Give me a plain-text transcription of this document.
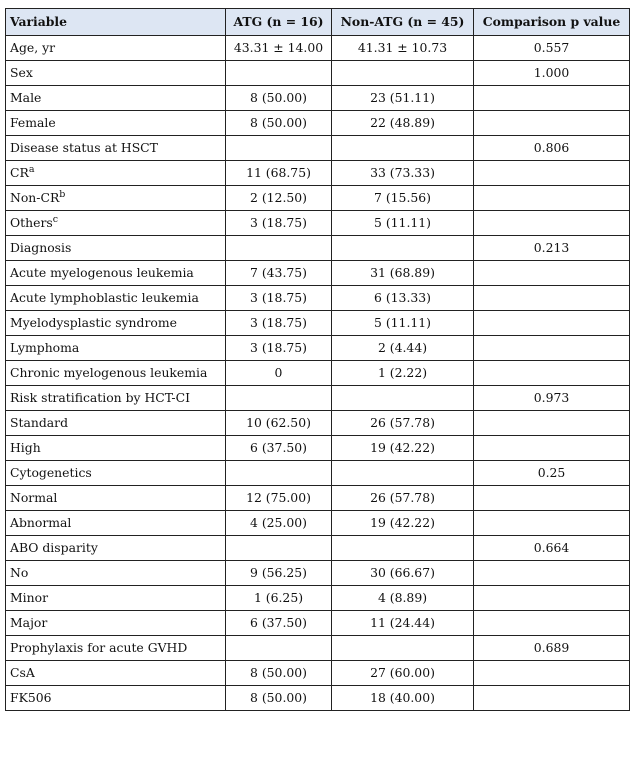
Variable	ATG (n = 16)	Non-ATG (n = 45)	Comparison p value
Age, yr	43.31 ± 14.00	41.31 ± 10.73	0.557
Sex			1.000
Male	8 (50.00)	23 (51.11)	
Female	8 (50.00)	22 (48.89)	
Disease status at HSCT			0.806
$CR^a$	11 (68.75)	33 (73.33)	
Non-$CR^b$	2 (12.50)	7 (15.56)	
Others$^c$	3 (18.75)	5 (11.11)	
Diagnosis			0.213
Acute myelogenous leukemia	7 (43.75)	31 (68.89)	
Acute lymphoblastic leukemia	3 (18.75)	6 (13.33)	
Myelodysplastic syndrome	3 (18.75)	5 (11.11)	
Lymphoma	3 (18.75)	2 (4.44)	
Chronic myelogenous leukemia	0	1 (2.22)	
Risk stratification by HCT-CI			0.973
Standard	10 (62.50)	26 (57.78)	
High	6 (37.50)	19 (42.22)	
Cytogenetics			0.25
Normal	12 (75.00)	26 (57.78)	
Abnormal	4 (25.00)	19 (42.22)	
ABO disparity			0.664
No	9 (56.25)	30 (66.67)	
Minor	1 (6.25)	4 (8.89)	
Major	6 (37.50)	11 (24.44)	
Prophylaxis for acute GVHD			0.689
CsA	8 (50.00)	27 (60.00)	
FK506	8 (50.00)	18 (40.00)	
